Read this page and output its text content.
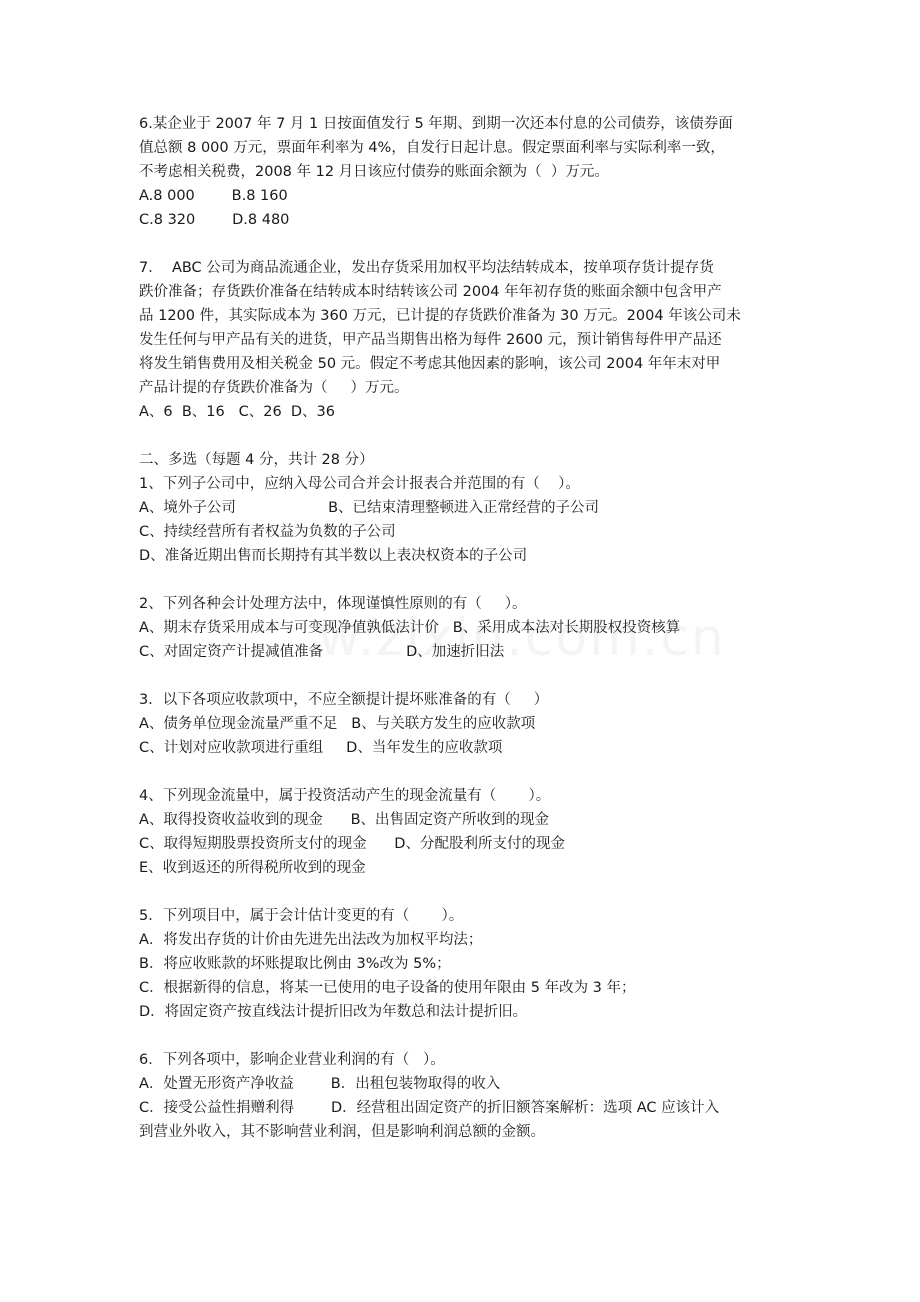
6.某企业于 2007 年 7 月 1 日按面值发行 5 年期、到期一次还本付息的公司债券，该债券面
值总额 8 000 万元，票面年利率为 4%，自发行日起计息。假定票面利率与实际利率一致，
不考虑相关税费，2008 年 12 月日该应付债券的账面余额为（  ）万元。
A.8 000        B.8 160
C.8 320        D.8 480
7．  ABC 公司为商品流通企业，发出存货采用加权平均法结转成本，按单项存货计提存货
跌价准备；存货跌价准备在结转成本时结转该公司 2004 年年初存货的账面余额中包含甲产
品 1200 件，其实际成本为 360 万元，已计提的存货跌价准备为 30 万元。2004 年该公司未
发生任何与甲产品有关的进货，甲产品当期售出格为每件 2600 元，预计销售每件甲产品还
将发生销售费用及相关税金 50 元。假定不考虑其他因素的影响，该公司 2004 年年末对甲
产品计提的存货跌价准备为（     ）万元。
A、6  B、16   C、26  D、36
二、多选（每题 4 分，共计 28 分）
1、下列子公司中，应纳入母公司合并会计报表合并范围的有（    ）。
A、境外子公司                    B、已结束清理整顿进入正常经营的子公司
C、持续经营所有者权益为负数的子公司
D、准备近期出售而长期持有其半数以上表决权资本的子公司
2、下列各种会计处理方法中，体现谨慎性原则的有（     ）。
A、期末存货采用成本与可变现净值孰低法计价   B、采用成本法对长期股权投资核算
C、对固定资产计提减值准备                  D、加速折旧法
3．以下各项应收款项中，不应全额提计提坏账准备的有（     ）
A、债务单位现金流量严重不足   B、与关联方发生的应收款项
C、计划对应收款项进行重组     D、当年发生的应收款项
4、下列现金流量中，属于投资活动产生的现金流量有（       ）。
A、取得投资收益收到的现金      B、出售固定资产所收到的现金
C、取得短期股票投资所支付的现金      D、分配股利所支付的现金
E、收到返还的所得税所收到的现金
5．下列项目中，属于会计估计变更的有（       ）。
A．将发出存货的计价由先进先出法改为加权平均法；
B．将应收账款的坏账提取比例由 3%改为 5%；
C．根据新得的信息，将某一已使用的电子设备的使用年限由 5 年改为 3 年；
D．将固定资产按直线法计提折旧改为年数总和法计提折旧。
6．下列各项中，影响企业营业利润的有（   ）。
A．处置无形资产净收益        B．出租包装物取得的收入
C．接受公益性捐赠利得        D．经营租出固定资产的折旧额答案解析：选项 AC 应该计入
到营业外收入，其不影响营业利润，但是影响利润总额的金额。
